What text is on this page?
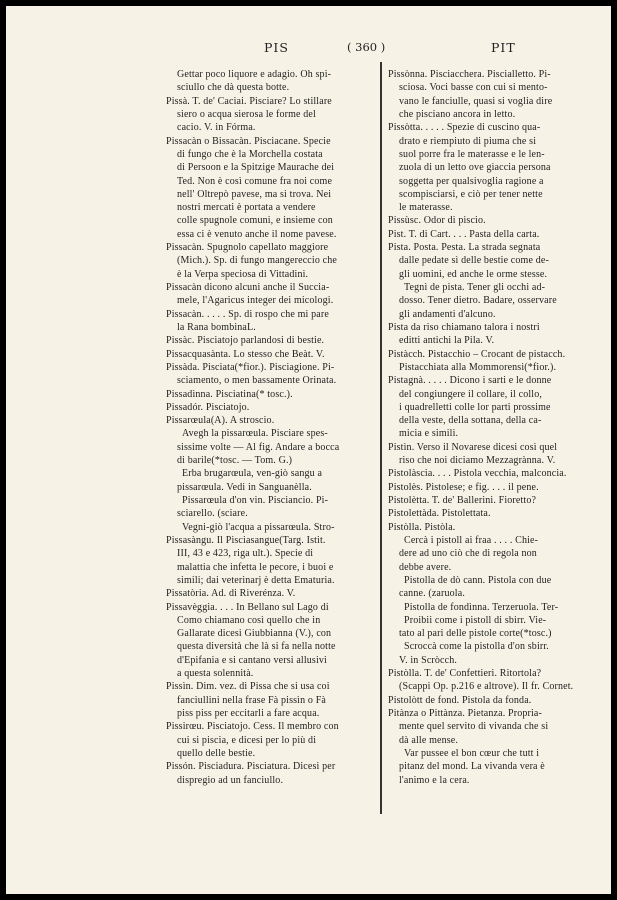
PIS	( 360 )	PIT
Gettar poco liquore e adagio. Oh spi-
sciullo che dà questa botte.
Pissà. T. de' Caciai. Pisciare? Lo stillare
siero o acqua sierosa le forme del
cacio. V. in Fórma.
Pissacàn o Bissacàn. Pisciacane. Specie
di fungo che è la Morchella costata
di Persoon e la Spitzige Maurache dei
Ted. Non è così comune fra noi come
nell' Oltrepò pavese, ma si trova. Nei
nostri mercati è portata a vendere
colle spugnole comuni, e insieme con
essa ci è venuto anche il nome pavese.
Pissacàn. Spugnolo capellato maggiore
(Mich.). Sp. di fungo mangereccio che
è la Verpa speciosa di Vittadini.
Pissacàn dicono alcuni anche il Succia-
mele, l'Agaricus integer dei micologi.
Pissacàn. . . . . Sp. di rospo che mi pare
la Rana bombinaL.
Pissàc. Pisciatojo parlandosi di bestie.
Pissacquasànta. Lo stesso che Beàt. V.
Pissàda. Pisciata(*fior.). Pisciagione. Pi-
sciamento, o men bassamente Orinata.
Pissadìnna. Pisciatina(* tosc.).
Pissadór. Pisciatojo.
Pissarœula(A). A stroscio.
Avegh la pissarœula. Pisciare spes-
sissime volte — Al fig. Andare a bocca
di barile(*tosc. — Tom. G.)
Erba brugarœula, ven-giò sangu a
pissarœula. Vedi in Sanguanèlla.
Pissarœula d'on vin. Pisciancio. Pi-
sciarello. (sciare.
Vegni-giò l'acqua a pissarœula. Stro-
Pissasàngu. Il Pisciasangue(Targ. Istit.
III, 43 e 423, riga ult.). Specie di
malattia che infetta le pecore, i buoi e
simili; dai veterinarj è detta Ematuria.
Pissatòria. Ad. di Riverénza. V.
Pissavèggia. . . . In Bellano sul Lago di
Como chiamano così quello che in
Gallarate dicesi Giubbianna (V.), con
questa diversità che là si fa nella notte
d'Epifania e si cantano versi allusivi
a questa solennità.
Pissìn. Dim. vez. di Pissa che si usa coi
fanciullini nella frase Fà pissìn o Fà
piss piss per eccitarli a fare acqua.
Pissirœu. Pisciatojo. Cess. Il membro con
cui si piscia, e dicesi per lo più di
quello delle bestie.
Pissón. Pisciadura. Pisciatura. Dicesi per
dispregio ad un fanciullo.
Pissònna. Pisciacchera. Piscialletto. Pi-
sciosa. Voci basse con cui si mento-
vano le fanciulle, quasi si voglia dire
che pisciano ancora in letto.
Pissòtta. . . . . Spezie di cuscino qua-
drato e riempiuto di piuma che si
suol porre fra le materasse e le len-
zuola di un letto ove giaccia persona
soggetta per qualsivoglia ragione a
scompisciarsi, e ciò per tener nette
le materasse.
Pissùsc. Odor di piscio.
Pist. T. di Cart. . . . Pasta della carta.
Pista. Posta. Pesta. La strada segnata
dalle pedate sì delle bestie come de-
gli uomini, ed anche le orme stesse.
Tegnì de pista. Tener gli occhi ad-
dosso. Tener dietro. Badare, osservare
gli andamenti d'alcuno.
Pista da riso chiamano talora i nostri
editti antichi la Pila. V.
Pistàcch. Pistacchio – Crocant de pistacch.
Pistacchiata alla Mommorensi(*fior.).
Pistagnà. . . . . Dicono i sarti e le donne
del congiungere il collare, il collo,
i quadrelletti colle lor parti prossime
della veste, della sottana, della ca-
micia e simili.
Pistìn. Verso il Novarese dicesi così quel
riso che noi diciamo Mezzagrànna. V.
Pistolàscia. . . . Pistola vecchia, malconcia.
Pistolès. Pistolese; e fig. . . . il pene.
Pistolètta. T. de' Ballerini. Fioretto?
Pistolettàda. Pistolettata.
Pistòlla. Pistòla.
Cercà i pistoll ai fraa . . . . Chie-
dere ad uno ciò che di regola non
debbe avere.
Pistolla de dò cann. Pistola con due
canne. (zaruola.
Pistolla de fondìnna. Terzeruola. Ter-
Proibii come i pistoll di sbirr. Vie-
tato al pari delle pistole corte(*tosc.)
Scroccà come la pistolla d'on sbirr.
V. in Scròcch.
Pistòlla. T. de' Confettieri. Ritortola?
(Scappi Op. p.216 e altrove). Il fr. Cornet.
Pistolòtt de fond. Pistola da fonda.
Pitànza o Pittànza. Pietanza. Propria-
mente quel servito di vivanda che si
dà alle mense.
Var pussee el bon cœur che tutt i
pitanz del mond. La vivanda vera è
l'animo e la cera.
